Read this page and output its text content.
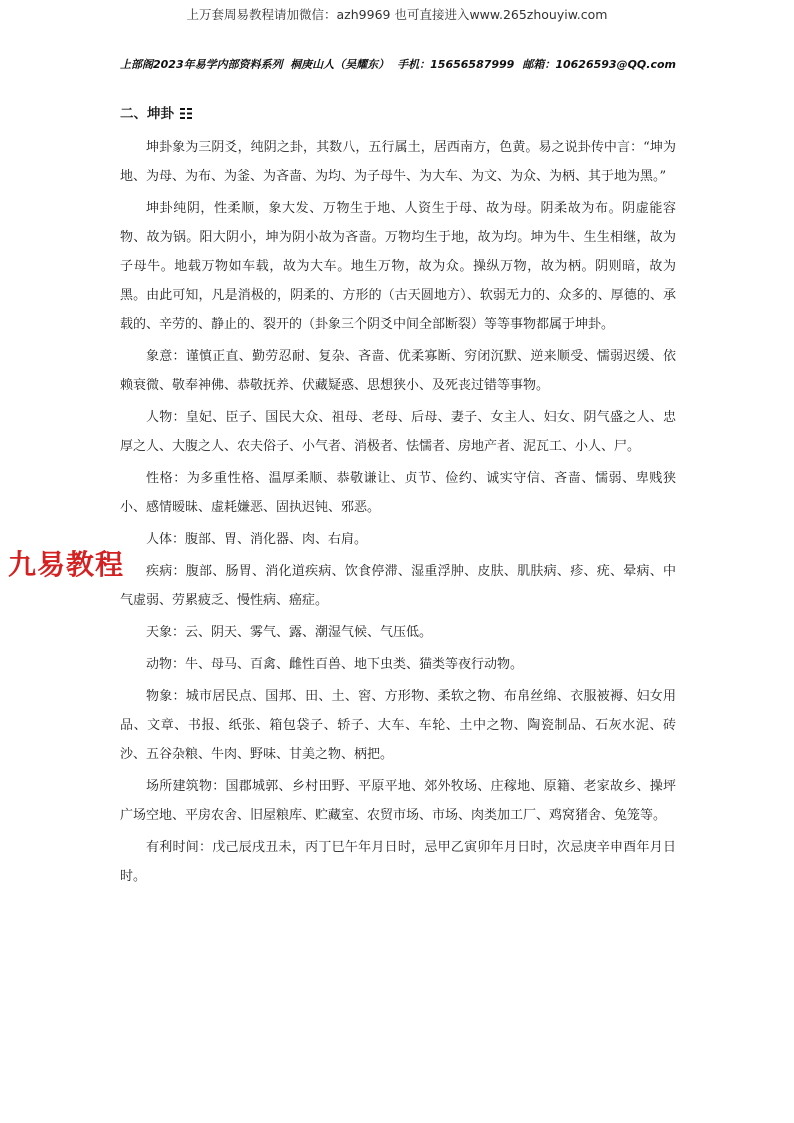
上万套周易教程请加微信：azh9969 也可直接进入www.265zhouyiw.com
上部阁2023年易学内部资料系列 桐庚山人（吴耀东） 手机：15656587999 邮箱：10626593@QQ.com
二、坤卦

坤卦象为三阴爻，纯阴之卦，其数八，五行属土，居西南方，色黄。易之说卦传中言：“坤为地、为母、为布、为釜、为吝啬、为均、为子母牛、为大车、为文、为众、为柄、其于地为黑。”

坤卦纯阴，性柔顺，象大发、万物生于地、人资生于母、故为母。阴柔故为布。阴虚能容物、故为锅。阳大阴小，坤为阴小故为吝啬。万物均生于地，故为均。坤为牛、生生相继，故为子母牛。地载万物如车载，故为大车。地生万物，故为众。操纵万物，故为柄。阴则暗，故为黑。由此可知，凡是消极的，阴柔的、方形的（古天圆地方）、软弱无力的、众多的、厚德的、承载的、辛劳的、静止的、裂开的（卦象三个阴爻中间全部断裂）等等事物都属于坤卦。

象意：谨慎正直、勤劳忍耐、复杂、吝啬、优柔寡断、穷闭沉默、逆来顺受、懦弱迟缓、依赖衰微、敬奉神佛、恭敬抚养、伏藏疑惑、思想狭小、及死丧过错等事物。

人物：皇妃、臣子、国民大众、祖母、老母、后母、妻子、女主人、妇女、阴气盛之人、忠厚之人、大腹之人、农夫俗子、小气者、消极者、怯懦者、房地产者、泥瓦工、小人、尸。

性格：为多重性格、温厚柔顺、恭敬谦让、贞节、俭约、诚实守信、吝啬、懦弱、卑贱狭小、感情暧昧、虚耗嫌恶、固执迟钝、邪恶。

人体：腹部、胃、消化器、肉、右肩。

疾病：腹部、肠胃、消化道疾病、饮食停滞、湿重浮肿、皮肤、肌肤病、疹、疣、晕病、中气虚弱、劳累疲乏、慢性病、癌症。

天象：云、阴天、雾气、露、潮湿气候、气压低。

动物：牛、母马、百禽、雌性百兽、地下虫类、猫类等夜行动物。

物象：城市居民点、国邦、田、土、窖、方形物、柔软之物、布帛丝绵、衣服被褥、妇女用品、文章、书报、纸张、箱包袋子、轿子、大车、车轮、土中之物、陶瓷制品、石灰水泥、砖沙、五谷杂粮、牛肉、野味、甘美之物、柄把。

场所建筑物：国郡城郭、乡村田野、平原平地、郊外牧场、庄稼地、原籍、老家故乡、操坪广场空地、平房农舍、旧屋粮库、贮藏室、农贸市场、市场、肉类加工厂、鸡窝猪舍、兔笼等。

有利时间：戊己辰戌丑未，丙丁巳午年月日时，忌甲乙寅卯年月日时，次忌庚辛申酉年月日时。

九易教程
